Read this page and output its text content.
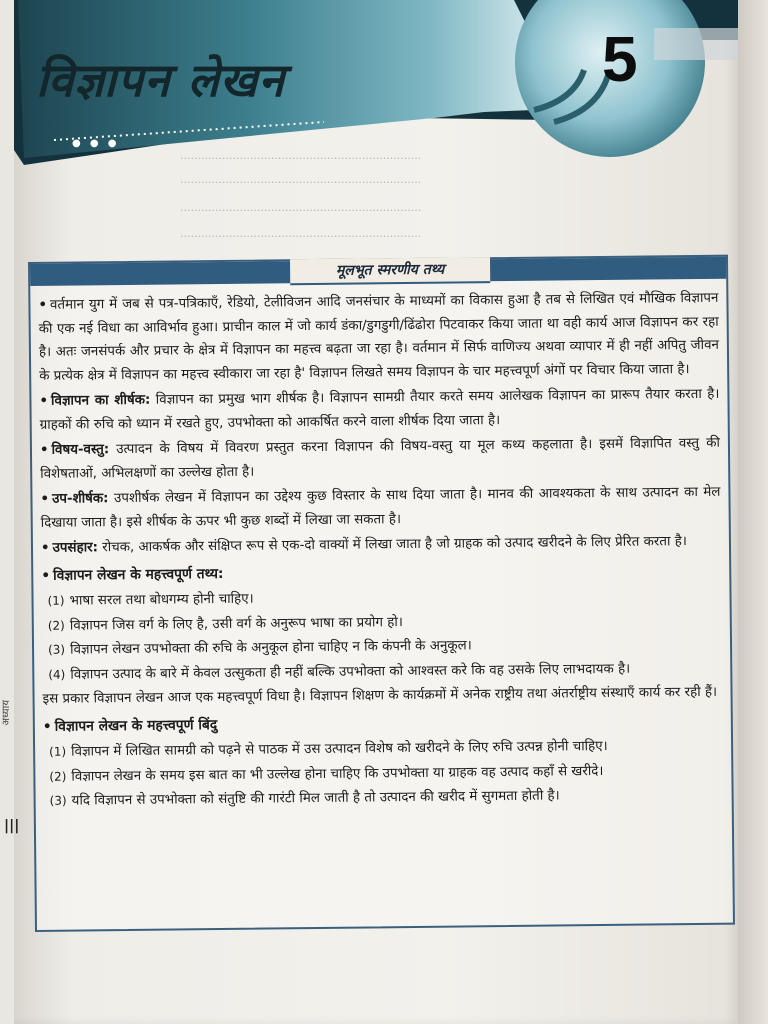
·····································································
·····································································
·····································································
·····································································
विज्ञापन लेखन	5
● ● ●
अध्याय
|||
मूलभूत स्मरणीय तथ्य

• वर्तमान युग में जब से पत्र-पत्रिकाएँ, रेडियो, टेलीविजन आदि जनसंचार के माध्यमों का विकास हुआ है तब से लिखित एवं मौखिक विज्ञापन की एक नई विधा का आविर्भाव हुआ। प्राचीन काल में जो कार्य डंका/डुगडुगी/ढिंढोरा पिटवाकर किया जाता था वही कार्य आज विज्ञापन कर रहा है। अतः जनसंपर्क और प्रचार के क्षेत्र में विज्ञापन का महत्त्व बढ़ता जा रहा है। वर्तमान में सिर्फ वाणिज्य अथवा व्यापार में ही नहीं अपितु जीवन के प्रत्येक क्षेत्र में विज्ञापन का महत्त्व स्वीकारा जा रहा है' विज्ञापन लिखते समय विज्ञापन के चार महत्त्वपूर्ण अंगों पर विचार किया जाता है।

• विज्ञापन का शीर्षक: विज्ञापन का प्रमुख भाग शीर्षक है। विज्ञापन सामग्री तैयार करते समय आलेखक विज्ञापन का प्रारूप तैयार करता है। ग्राहकों की रुचि को ध्यान में रखते हुए, उपभोक्ता को आकर्षित करने वाला शीर्षक दिया जाता है।

• विषय-वस्तु: उत्पादन के विषय में विवरण प्रस्तुत करना विज्ञापन की विषय-वस्तु या मूल कथ्य कहलाता है। इसमें विज्ञापित वस्तु की विशेषताओं, अभिलक्षणों का उल्लेख होता है।

• उप-शीर्षक: उपशीर्षक लेखन में विज्ञापन का उद्देश्य कुछ विस्तार के साथ दिया जाता है। मानव की आवश्यकता के साथ उत्पादन का मेल दिखाया जाता है। इसे शीर्षक के ऊपर भी कुछ शब्दों में लिखा जा सकता है।

• उपसंहार: रोचक, आकर्षक और संक्षिप्त रूप से एक-दो वाक्यों में लिखा जाता है जो ग्राहक को उत्पाद खरीदने के लिए प्रेरित करता है।

• विज्ञापन लेखन के महत्त्वपूर्ण तथ्य:
(1) भाषा सरल तथा बोधगम्य होनी चाहिए।
(2) विज्ञापन जिस वर्ग के लिए है, उसी वर्ग के अनुरूप भाषा का प्रयोग हो।
(3) विज्ञापन लेखन उपभोक्ता की रुचि के अनुकूल होना चाहिए न कि कंपनी के अनुकूल।
(4) विज्ञापन उत्पाद के बारे में केवल उत्सुकता ही नहीं बल्कि उपभोक्ता को आश्वस्त करे कि वह उसके लिए लाभदायक है।

इस प्रकार विज्ञापन लेखन आज एक महत्त्वपूर्ण विधा है। विज्ञापन शिक्षण के कार्यक्रमों में अनेक राष्ट्रीय तथा अंतर्राष्ट्रीय संस्थाएँ कार्य कर रही हैं।

• विज्ञापन लेखन के महत्त्वपूर्ण बिंदु
(1) विज्ञापन में लिखित सामग्री को पढ़ने से पाठक में उस उत्पादन विशेष को खरीदने के लिए रुचि उत्पन्न होनी चाहिए।
(2) विज्ञापन लेखन के समय इस बात का भी उल्लेख होना चाहिए कि उपभोक्ता या ग्राहक वह उत्पाद कहाँ से खरीदे।
(3) यदि विज्ञापन से उपभोक्ता को संतुष्टि की गारंटी मिल जाती है तो उत्पादन की खरीद में सुगमता होती है।
